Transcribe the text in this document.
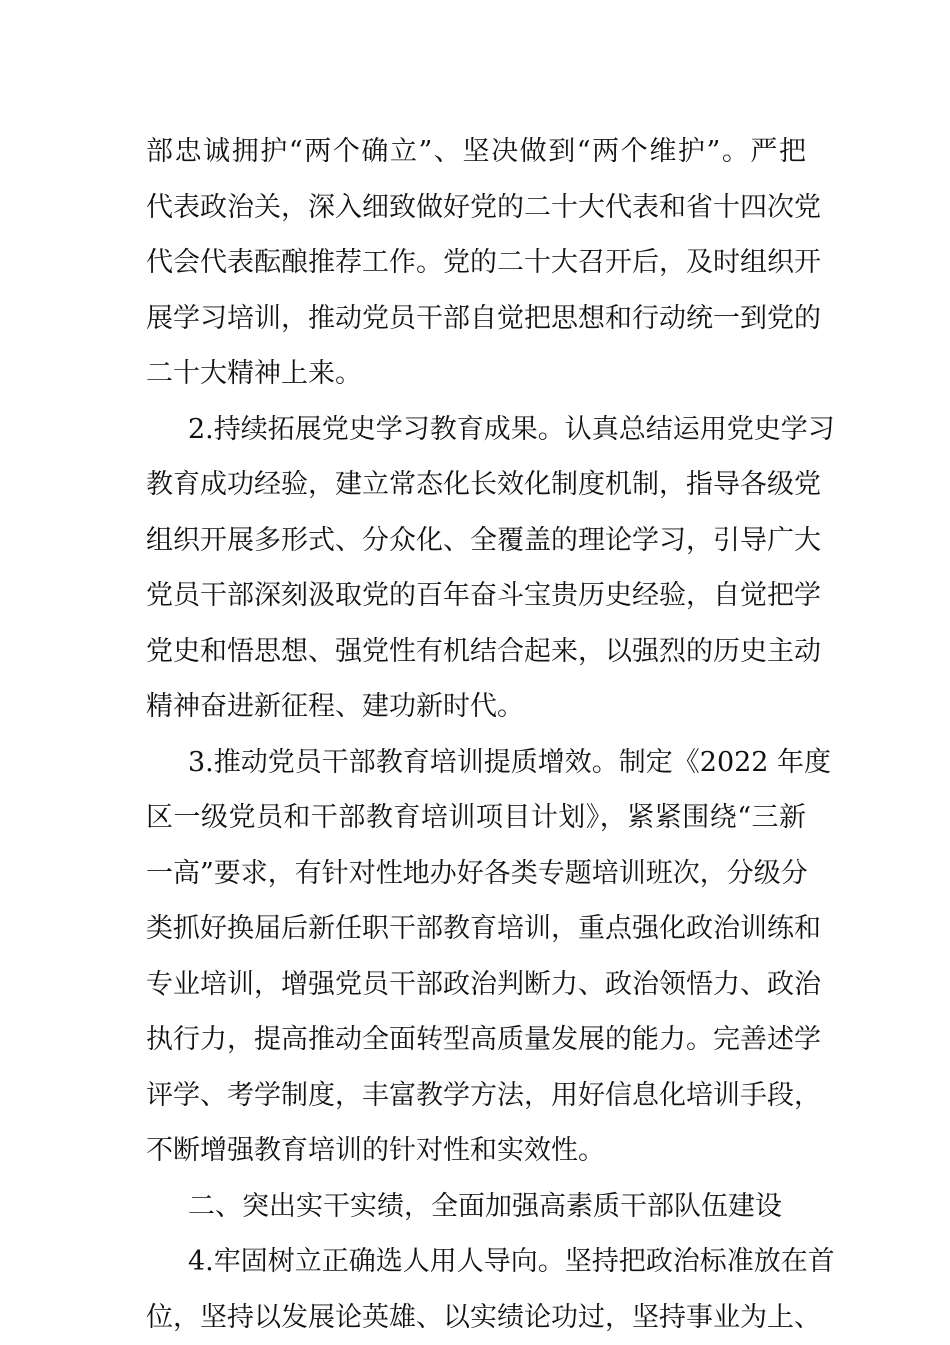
部忠诚拥护“两个确立”、坚决做到“两个维护”。严把
代表政治关，深入细致做好党的二十大代表和省十四次党
代会代表酝酿推荐工作。党的二十大召开后，及时组织开
展学习培训，推动党员干部自觉把思想和行动统一到党的
二十大精神上来。
2.持续拓展党史学习教育成果。认真总结运用党史学习
教育成功经验，建立常态化长效化制度机制，指导各级党
组织开展多形式、分众化、全覆盖的理论学习，引导广大
党员干部深刻汲取党的百年奋斗宝贵历史经验，自觉把学
党史和悟思想、强党性有机结合起来，以强烈的历史主动
精神奋进新征程、建功新时代。
3.推动党员干部教育培训提质增效。制定《2022 年度
区一级党员和干部教育培训项目计划》，紧紧围绕“三新
一高”要求，有针对性地办好各类专题培训班次，分级分
类抓好换届后新任职干部教育培训，重点强化政治训练和
专业培训，增强党员干部政治判断力、政治领悟力、政治
执行力，提高推动全面转型高质量发展的能力。完善述学
评学、考学制度，丰富教学方法，用好信息化培训手段，
不断增强教育培训的针对性和实效性。
二、突出实干实绩，全面加强高素质干部队伍建设
4.牢固树立正确选人用人导向。坚持把政治标准放在首
位，坚持以发展论英雄、以实绩论功过，坚持事业为上、
